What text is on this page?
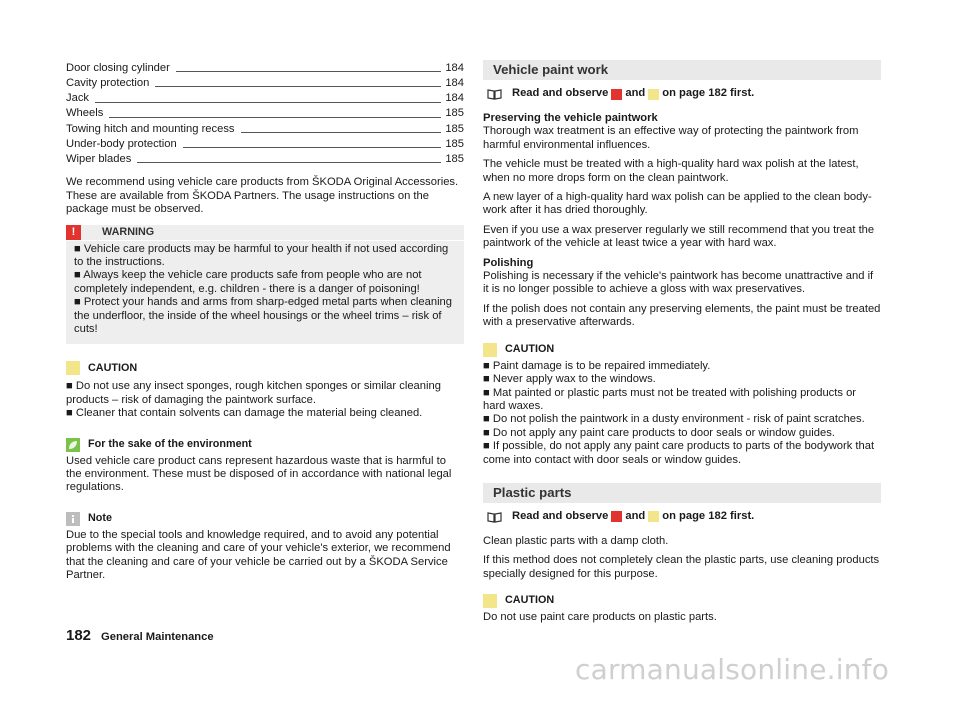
Door closing cylinder	184
Cavity protection	184
Jack	184
Wheels	185
Towing hitch and mounting recess	185
Under-body protection	185
Wiper blades	185

We recommend using vehicle care products from ŠKODA Original Accessories. These are available from ŠKODA Partners. The usage instructions on the package must be observed.

!	WARNING

■ Vehicle care products may be harmful to your health if not used according to the instructions.

■ Always keep the vehicle care products safe from people who are not completely independent, e.g. children - there is a danger of poisoning!

■ Protect your hands and arms from sharp-edged metal parts when cleaning the underfloor, the inside of the wheel housings or the wheel trims – risk of cuts!

CAUTION

■ Do not use any insect sponges, rough kitchen sponges or similar cleaning products – risk of damaging the paintwork surface.

■ Cleaner that contain solvents can damage the material being cleaned.

For the sake of the environment

Used vehicle care product cans represent hazardous waste that is harmful to the environment. These must be disposed of in accordance with national legal regulations.

Note

Due to the special tools and knowledge required, and to avoid any potential problems with the cleaning and care of your vehicle's exterior, we recommend that the cleaning and care of your vehicle be carried out by a ŠKODA Service Partner.

Vehicle paint work
Read and observe and on page 182 first.

Preserving the vehicle paintwork

Thorough wax treatment is an effective way of protecting the paintwork from harmful environmental influences.

The vehicle must be treated with a high-quality hard wax polish at the latest, when no more drops form on the clean paintwork.

A new layer of a high-quality hard wax polish can be applied to the clean body-work after it has dried thoroughly.

Even if you use a wax preserver regularly we still recommend that you treat the paintwork of the vehicle at least twice a year with hard wax.

Polishing

Polishing is necessary if the vehicle's paintwork has become unattractive and if it is no longer possible to achieve a gloss with wax preservatives.

If the polish does not contain any preserving elements, the paint must be treated with a preservative afterwards.

CAUTION

■ Paint damage is to be repaired immediately.

■ Never apply wax to the windows.

■ Mat painted or plastic parts must not be treated with polishing products or hard waxes.

■ Do not polish the paintwork in a dusty environment - risk of paint scratches.

■ Do not apply any paint care products to door seals or window guides.

■ If possible, do not apply any paint care products to parts of the bodywork that come into contact with door seals or window guides.

Plastic parts
Read and observe and on page 182 first.

Clean plastic parts with a damp cloth.

If this method does not completely clean the plastic parts, use cleaning products specially designed for this purpose.

CAUTION

Do not use paint care products on plastic parts.

182 General Maintenance
carmanualsonline.info
